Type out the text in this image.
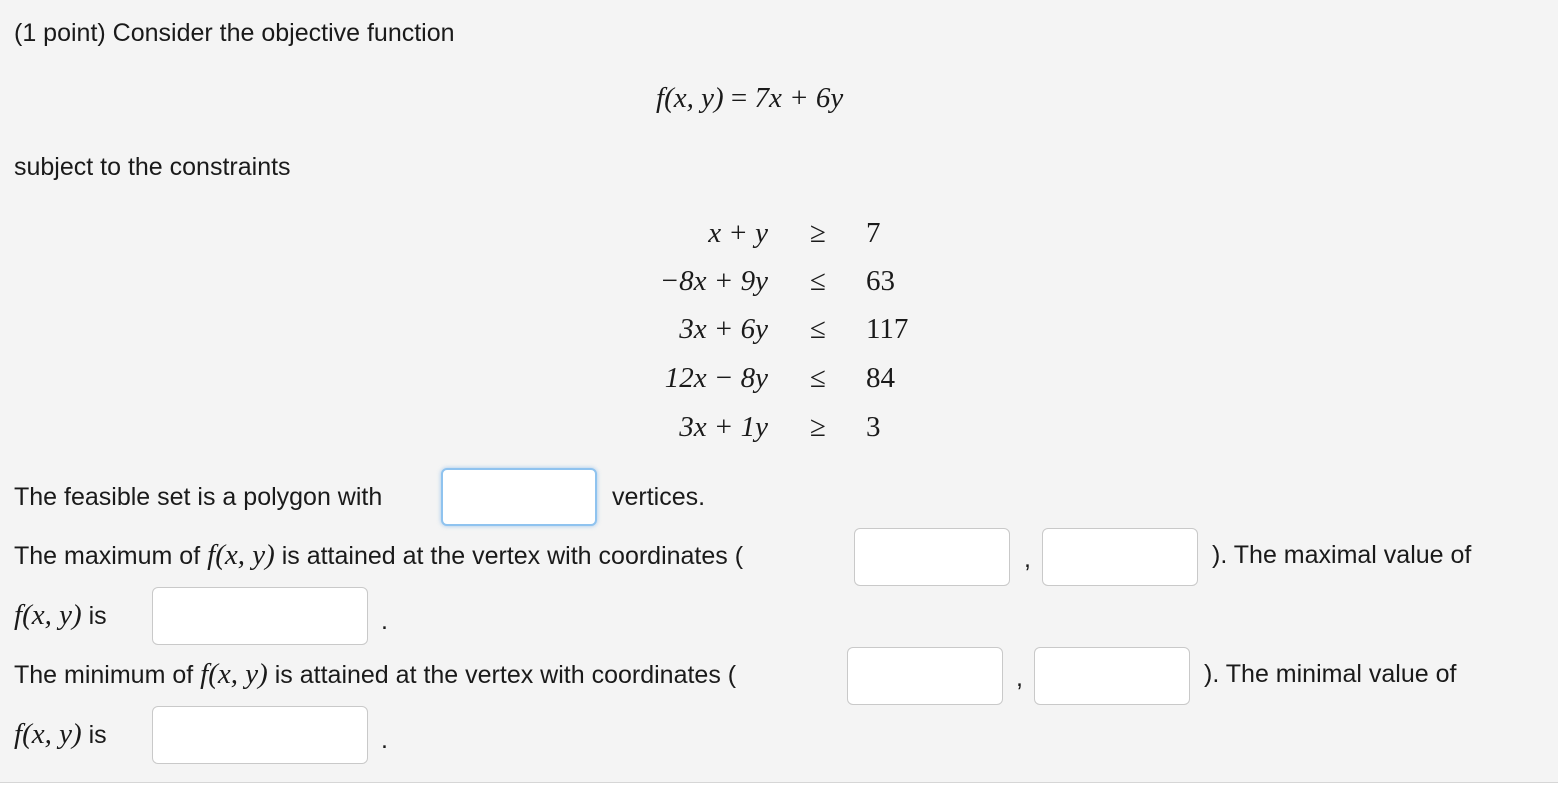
(1 point) Consider the objective function
f(x, y) = 7x + 6y
subject to the constraints
x + y ≥ 7
−8x + 9y ≤ 63
3x + 6y ≤ 117
12x − 8y ≤ 84
3x + 1y ≥ 3
The feasible set is a polygon with	vertices.
The maximum of f(x, y) is attained at the vertex with coordinates (	,	). The maximal value of
f(x, y) is	.
The minimum of f(x, y) is attained at the vertex with coordinates (	,	). The minimal value of
f(x, y) is	.
